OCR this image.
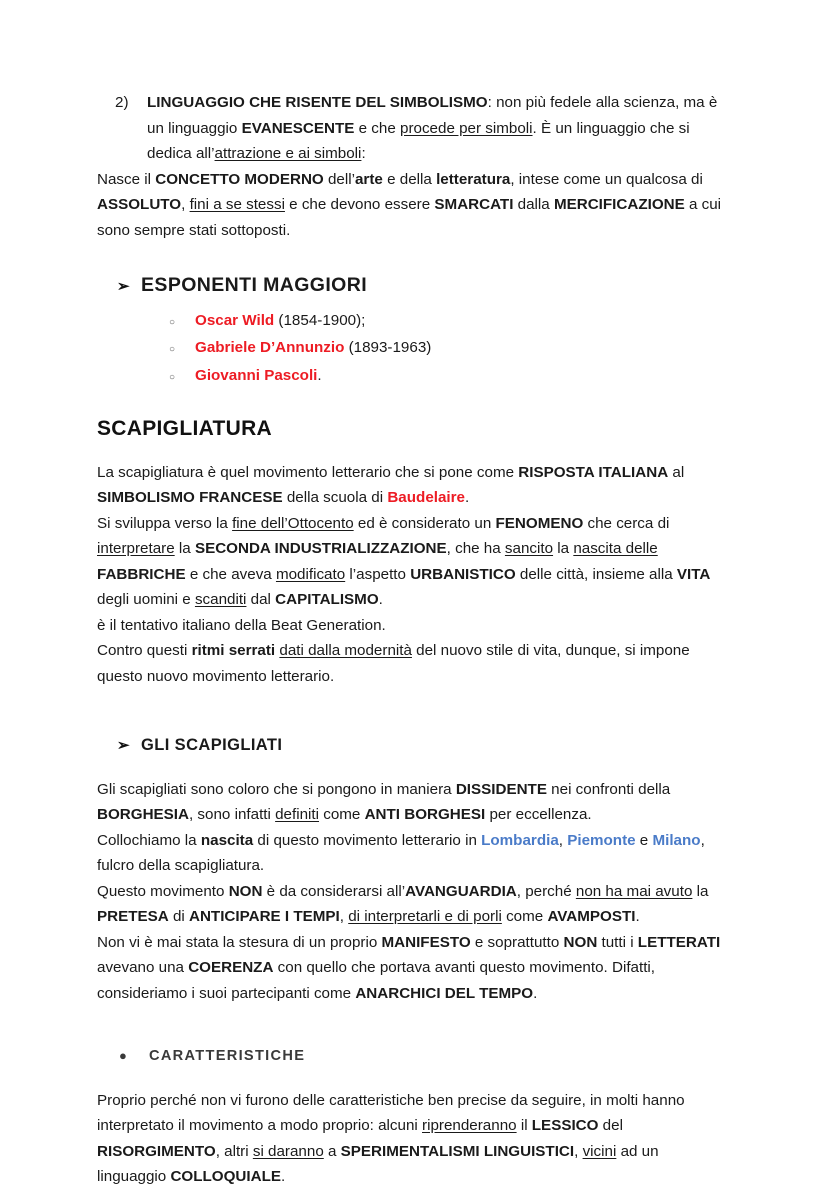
2)	LINGUAGGIO CHE RISENTE DEL SIMBOLISMO: non più fedele alla scienza, ma è un linguaggio EVANESCENTE e che procede per simboli. È un linguaggio che si dedica all’attrazione e ai simboli:

Nasce il CONCETTO MODERNO dell’arte e della letteratura, intese come un qualcosa di ASSOLUTO, fini a se stessi e che devono essere SMARCATI dalla MERCIFICAZIONE a cui sono sempre stati sottoposti.

➢ ESPONENTI MAGGIORI
○	Oscar Wild (1854-1900);
○	Gabriele D’Annunzio (1893-1963)
○	Giovanni Pascoli.
SCAPIGLIATURA

La scapigliatura è quel movimento letterario che si pone come RISPOSTA ITALIANA al SIMBOLISMO FRANCESE della scuola di Baudelaire.

Si sviluppa verso la fine dell’Ottocento ed è considerato un FENOMENO che cerca di interpretare la SECONDA INDUSTRIALIZZAZIONE, che ha sancito la nascita delle FABBRICHE e che aveva modificato l’aspetto URBANISTICO delle città, insieme alla VITA degli uomini e scanditi dal CAPITALISMO.

è il tentativo italiano della Beat Generation.

Contro questi ritmi serrati dati dalla modernità del nuovo stile di vita, dunque, si impone questo nuovo movimento letterario.

➢ GLI SCAPIGLIATI

Gli scapigliati sono coloro che si pongono in maniera DISSIDENTE nei confronti della BORGHESIA, sono infatti definiti come ANTI BORGHESI per eccellenza.

Collochiamo la nascita di questo movimento letterario in Lombardia, Piemonte e Milano, fulcro della scapigliatura.

Questo movimento NON è da considerarsi all’AVANGUARDIA, perché non ha mai avuto la PRETESA di ANTICIPARE I TEMPI, di interpretarli e di porli come AVAMPOSTI.

Non vi è mai stata la stesura di un proprio MANIFESTO e soprattutto NON tutti i LETTERATI avevano una COERENZA con quello che portava avanti questo movimento. Difatti, consideriamo i suoi partecipanti come ANARCHICI DEL TEMPO.

●	CARATTERISTICHE

Proprio perché non vi furono delle caratteristiche ben precise da seguire, in molti hanno interpretato il movimento a modo proprio: alcuni riprenderanno il LESSICO del RISORGIMENTO, altri si daranno a SPERIMENTALISMI LINGUISTICI, vicini ad un linguaggio COLLOQUIALE.
